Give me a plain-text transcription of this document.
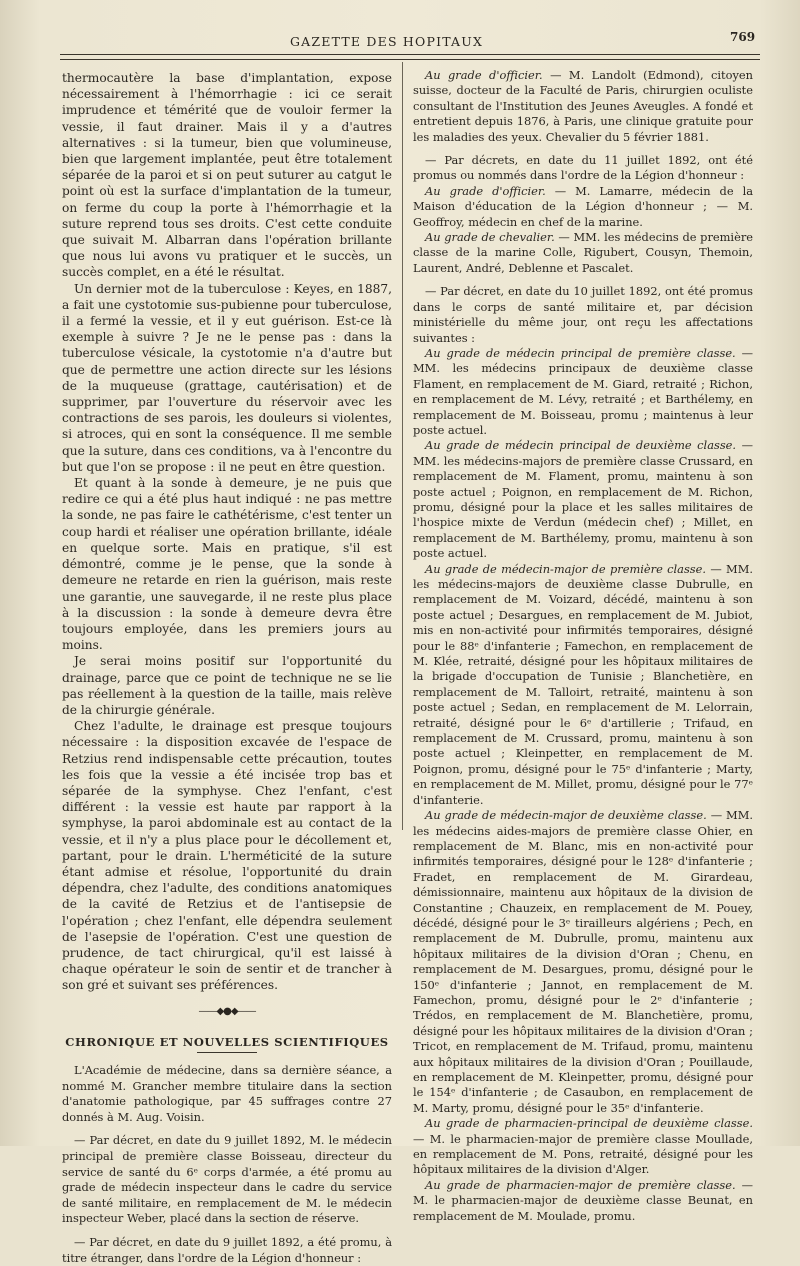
GAZETTE DES HOPITAUX	769

thermocautère la base d'implantation, expose nécessairement à l'hémorrhagie : ici ce serait imprudence et témérité que de vouloir fermer la vessie, il faut drainer. Mais il y a d'autres alternatives : si la tumeur, bien que volumineuse, bien que largement implantée, peut être totalement séparée de la paroi et si on peut suturer au catgut le point où est la surface d'implantation de la tumeur, on ferme du coup la porte à l'hémorrhagie et la suture reprend tous ses droits. C'est cette conduite que suivait M. Albarran dans l'opération brillante que nous lui avons vu pratiquer et le succès, un succès complet, en a été le résultat.

Un dernier mot de la tuberculose : Keyes, en 1887, a fait une cystotomie sus-pubienne pour tuberculose, il a fermé la vessie, et il y eut guérison. Est-ce là exemple à suivre ? Je ne le pense pas : dans la tuberculose vésicale, la cystotomie n'a d'autre but que de permettre une action directe sur les lésions de la muqueuse (grattage, cautérisation) et de supprimer, par l'ouverture du réservoir avec les contractions de ses parois, les douleurs si violentes, si atroces, qui en sont la conséquence. Il me semble que la suture, dans ces conditions, va à l'encontre du but que l'on se propose : il ne peut en être question.

Et quant à la sonde à demeure, je ne puis que redire ce qui a été plus haut indiqué : ne pas mettre la sonde, ne pas faire le cathétérisme, c'est tenter un coup hardi et réaliser une opération brillante, idéale en quelque sorte. Mais en pratique, s'il est démontré, comme je le pense, que la sonde à demeure ne retarde en rien la guérison, mais reste une garantie, une sauvegarde, il ne reste plus place à la discussion : la sonde à demeure devra être toujours employée, dans les premiers jours au moins.

Je serai moins positif sur l'opportunité du drainage, parce que ce point de technique ne se lie pas réellement à la question de la taille, mais relève de la chirurgie générale.

Chez l'adulte, le drainage est presque toujours nécessaire : la disposition excavée de l'espace de Retzius rend indispensable cette précaution, toutes les fois que la vessie a été incisée trop bas et séparée de la symphyse. Chez l'enfant, c'est différent : la vessie est haute par rapport à la symphyse, la paroi abdominale est au contact de la vessie, et il n'y a plus place pour le décollement et, partant, pour le drain. L'herméticité de la suture étant admise et résolue, l'opportunité du drain dépendra, chez l'adulte, des conditions anatomiques de la cavité de Retzius et de l'antisepsie de l'opération ; chez l'enfant, elle dépendra seulement de l'asepsie de l'opération. C'est une question de prudence, de tact chirurgical, qu'il est laissé à chaque opérateur le soin de sentir et de trancher à son gré et suivant ses préférences.

——◆●◆——
CHRONIQUE ET NOUVELLES SCIENTIFIQUES

L'Académie de médecine, dans sa dernière séance, a nommé M. Grancher membre titulaire dans la section d'anatomie pathologique, par 45 suffrages contre 27 donnés à M. Aug. Voisin.

— Par décret, en date du 9 juillet 1892, M. le médecin principal de première classe Boisseau, directeur du service de santé du 6ᵉ corps d'armée, a été promu au grade de médecin inspecteur dans le cadre du service de santé militaire, en remplacement de M. le médecin inspecteur Weber, placé dans la section de réserve.

— Par décret, en date du 9 juillet 1892, a été promu, à titre étranger, dans l'ordre de la Légion d'honneur :

Au grade d'officier. — M. Landolt (Edmond), citoyen suisse, docteur de la Faculté de Paris, chirurgien oculiste consultant de l'Institution des Jeunes Aveugles. A fondé et entretient depuis 1876, à Paris, une clinique gratuite pour les maladies des yeux. Chevalier du 5 février 1881.

— Par décrets, en date du 11 juillet 1892, ont été promus ou nommés dans l'ordre de la Légion d'honneur :

Au grade d'officier. — M. Lamarre, médecin de la Maison d'éducation de la Légion d'honneur ; — M. Geoffroy, médecin en chef de la marine.

Au grade de chevalier. — MM. les médecins de première classe de la marine Colle, Rigubert, Cousyn, Themoin, Laurent, André, Deblenne et Pascalet.

— Par décret, en date du 10 juillet 1892, ont été promus dans le corps de santé militaire et, par décision ministérielle du même jour, ont reçu les affectations suivantes :

Au grade de médecin principal de première classe. — MM. les médecins principaux de deuxième classe Flament, en remplacement de M. Giard, retraité ; Richon, en remplacement de M. Lévy, retraité ; et Barthélemy, en remplacement de M. Boisseau, promu ; maintenus à leur poste actuel.

Au grade de médecin principal de deuxième classe. — MM. les médecins-majors de première classe Crussard, en remplacement de M. Flament, promu, maintenu à son poste actuel ; Poignon, en remplacement de M. Richon, promu, désigné pour la place et les salles militaires de l'hospice mixte de Verdun (médecin chef) ; Millet, en remplacement de M. Barthélemy, promu, maintenu à son poste actuel.

Au grade de médecin-major de première classe. — MM. les médecins-majors de deuxième classe Dubrulle, en remplacement de M. Voizard, décédé, maintenu à son poste actuel ; Desargues, en remplacement de M. Jubiot, mis en non-activité pour infirmités temporaires, désigné pour le 88ᵉ d'infanterie ; Famechon, en remplacement de M. Klée, retraité, désigné pour les hôpitaux militaires de la brigade d'occupation de Tunisie ; Blanchetière, en remplacement de M. Talloirt, retraité, maintenu à son poste actuel ; Sedan, en remplacement de M. Lelorrain, retraité, désigné pour le 6ᵉ d'artillerie ; Trifaud, en remplacement de M. Crussard, promu, maintenu à son poste actuel ; Kleinpetter, en remplacement de M. Poignon, promu, désigné pour le 75ᵉ d'infanterie ; Marty, en remplacement de M. Millet, promu, désigné pour le 77ᵉ d'infanterie.

Au grade de médecin-major de deuxième classe. — MM. les médecins aides-majors de première classe Ohier, en remplacement de M. Blanc, mis en non-activité pour infirmités temporaires, désigné pour le 128ᵉ d'infanterie ; Fradet, en remplacement de M. Girardeau, démissionnaire, maintenu aux hôpitaux de la division de Constantine ; Chauzeix, en remplacement de M. Pouey, décédé, désigné pour le 3ᵉ tirailleurs algériens ; Pech, en remplacement de M. Dubrulle, promu, maintenu aux hôpitaux militaires de la division d'Oran ; Chenu, en remplacement de M. Desargues, promu, désigné pour le 150ᵉ d'infanterie ; Jannot, en remplacement de M. Famechon, promu, désigné pour le 2ᵉ d'infanterie ; Trédos, en remplacement de M. Blanchetière, promu, désigné pour les hôpitaux militaires de la division d'Oran ; Tricot, en remplacement de M. Trifaud, promu, maintenu aux hôpitaux militaires de la division d'Oran ; Pouillaude, en remplacement de M. Kleinpetter, promu, désigné pour le 154ᵉ d'infanterie ; de Casaubon, en remplacement de M. Marty, promu, désigné pour le 35ᵉ d'infanterie.

Au grade de pharmacien-principal de deuxième classe. — M. le pharmacien-major de première classe Moullade, en remplacement de M. Pons, retraité, désigné pour les hôpitaux militaires de la division d'Alger.

Au grade de pharmacien-major de première classe. — M. le pharmacien-major de deuxième classe Beunat, en remplacement de M. Moulade, promu.
